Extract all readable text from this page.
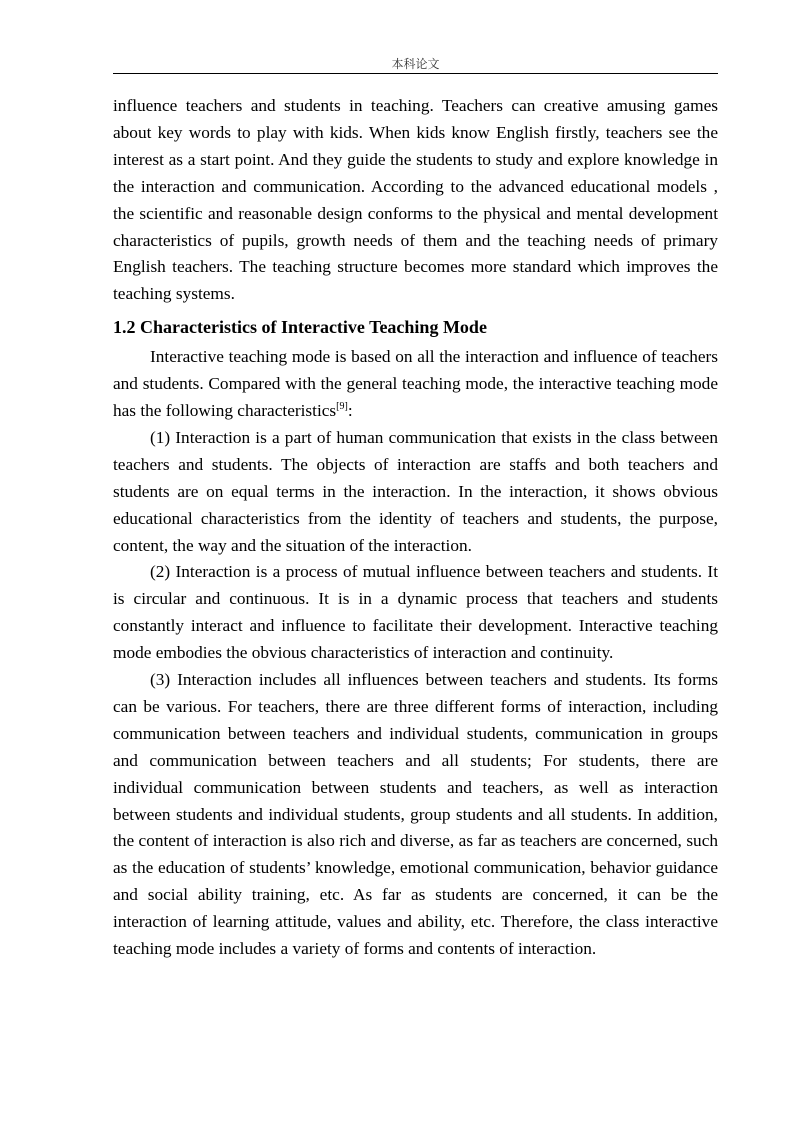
本科论文

influence teachers and students in teaching. Teachers can creative amusing games about key words to play with kids. When kids know English firstly, teachers see the interest as a start point. And they guide the students to study and explore knowledge in the interaction and communication. According to the advanced educational models , the scientific and reasonable design conforms to the physical and mental development characteristics of pupils, growth needs of them and the teaching needs of primary English teachers. The teaching structure becomes more standard which improves the teaching systems.

1.2 Characteristics of Interactive Teaching Mode

Interactive teaching mode is based on all the interaction and influence of teachers and students. Compared with the general teaching mode, the interactive teaching mode has the following characteristics[9]:

(1) Interaction is a part of human communication that exists in the class between teachers and students. The objects of interaction are staffs and both teachers and students are on equal terms in the interaction. In the interaction, it shows obvious educational characteristics from the identity of teachers and students, the purpose, content, the way and the situation of the interaction.

(2) Interaction is a process of mutual influence between teachers and students. It is circular and continuous. It is in a dynamic process that teachers and students constantly interact and influence to facilitate their development. Interactive teaching mode embodies the obvious characteristics of interaction and continuity.

(3) Interaction includes all influences between teachers and students. Its forms can be various. For teachers, there are three different forms of interaction, including communication between teachers and individual students, communication in groups and communication between teachers and all students; For students, there are individual communication between students and teachers, as well as interaction between students and individual students, group students and all students. In addition, the content of interaction is also rich and diverse, as far as teachers are concerned, such as the education of students’ knowledge, emotional communication, behavior guidance and social ability training, etc. As far as students are concerned, it can be the interaction of learning attitude, values and ability, etc. Therefore, the class interactive teaching mode includes a variety of forms and contents of interaction.
